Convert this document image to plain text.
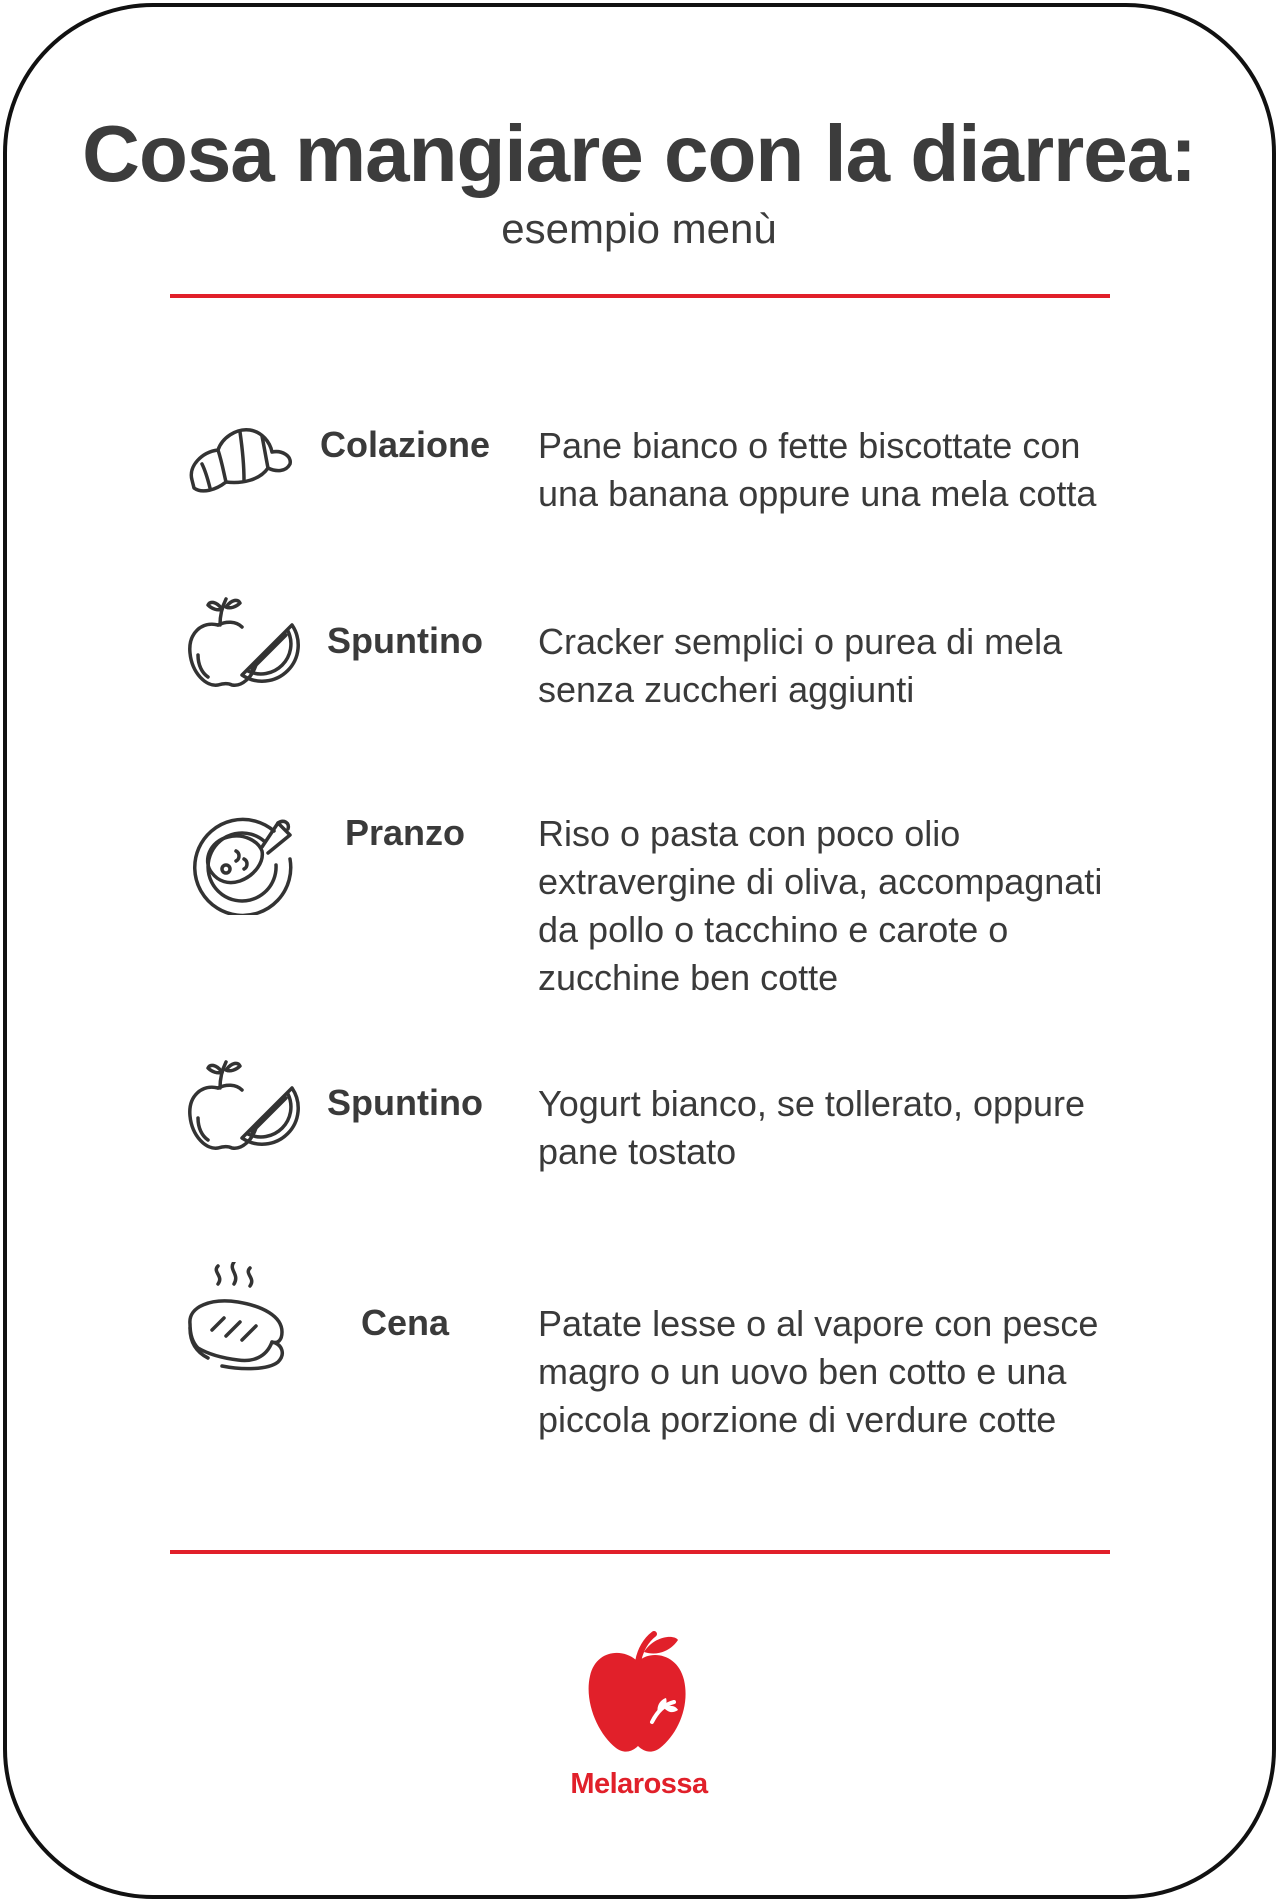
Cosa mangiare con la diarrea:
esempio menù
Colazione Pane bianco o fette biscottate con
una banana oppure una mela cotta

Spuntino	Cracker semplici o purea di mela
senza zuccheri aggiunti

Pranzo	Riso o pasta con poco olio
extravergine di oliva, accompagnati
da pollo o tacchino e carote o
zucchine ben cotte

Spuntino	Yogurt bianco, se tollerato, oppure
pane tostato

Cena	Patate lesse o al vapore con pesce
magro o un uovo ben cotto e una
piccola porzione di verdure cotte

Melarossa
